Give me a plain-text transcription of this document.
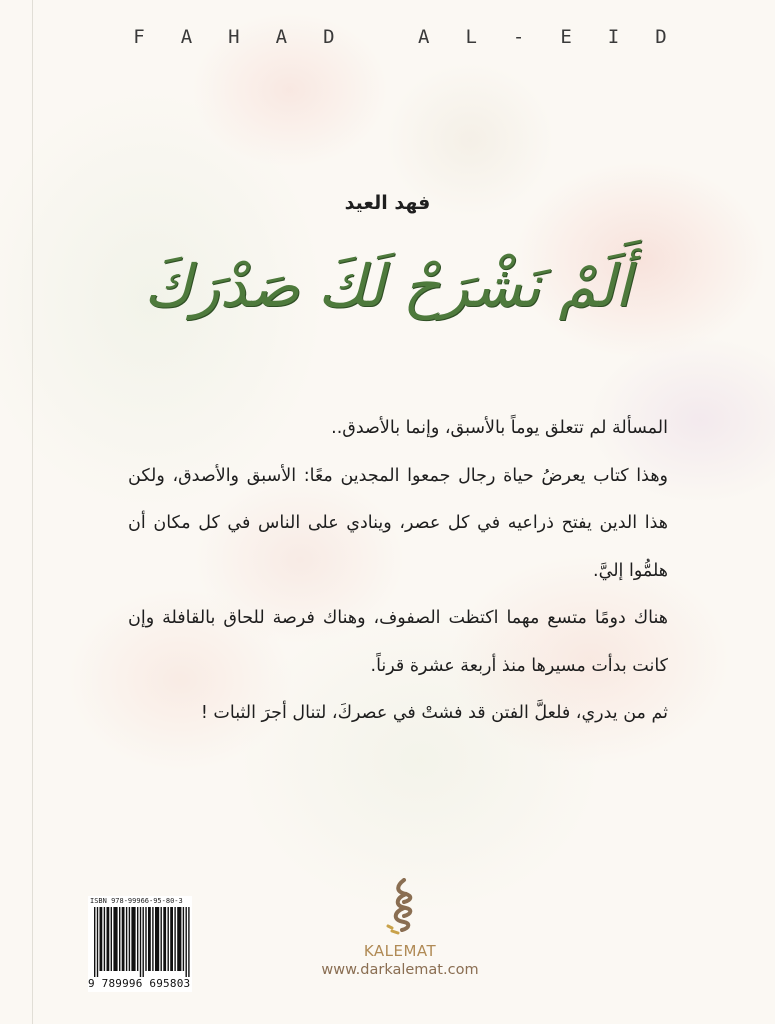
F A H A D	A L - E I D
فهد العيد
أَلَمْ نَشْرَحْ لَكَ صَدْرَكَ

المسألة لم تتعلق يوماً بالأسبق، وإنما بالأصدق..

وهذا كتاب يعرضُ حياة رجال جمعوا المجدين معًا: الأسبق والأصدق، ولكن هذا الدين يفتح ذراعيه في كل عصر، وينادي على الناس في كل مكان أن هلمُّوا إليَّ.

هناك دومًا متسع مهما اكتظت الصفوف، وهناك فرصة للحاق بالقافلة وإن كانت بدأت مسيرها منذ أربعة عشرة قرناً.

ثم من يدري، فلعلَّ الفتن قد فشتْ في عصركَ، لتنال أجرَ الثبات !

ISBN 978-99966-95-80-3
9 789996 695803
KALEMAT
www.darkalemat.com
